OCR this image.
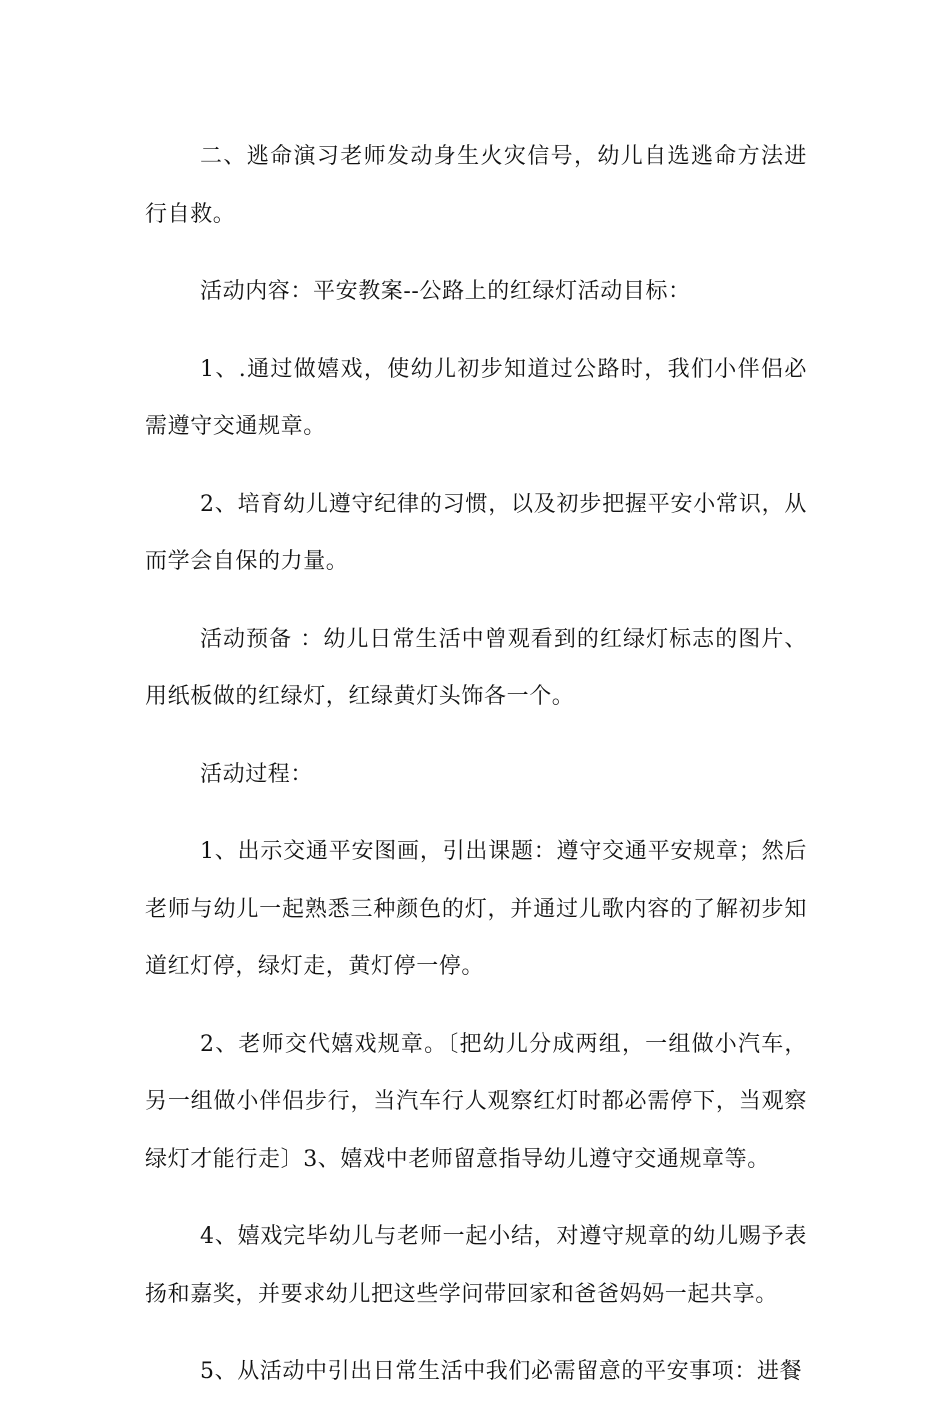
二、逃命演习老师发动身生火灾信号，幼儿自选逃命方法进行自救。

活动内容：平安教案--公路上的红绿灯活动目标：

1、.通过做嬉戏，使幼儿初步知道过公路时，我们小伴侣必需遵守交通规章。

2、培育幼儿遵守纪律的习惯，以及初步把握平安小常识，从而学会自保的力量。

活动预备 ：幼儿日常生活中曾观看到的红绿灯标志的图片、用纸板做的红绿灯，红绿黄灯头饰各一个。

活动过程：

1、出示交通平安图画，引出课题：遵守交通平安规章；然后老师与幼儿一起熟悉三种颜色的灯，并通过儿歌内容的了解初步知道红灯停，绿灯走，黄灯停一停。

2、老师交代嬉戏规章。〔把幼儿分成两组，一组做小汽车，另一组做小伴侣步行，当汽车行人观察红灯时都必需停下，当观察绿灯才能行走〕3、嬉戏中老师留意指导幼儿遵守交通规章等。

4、嬉戏完毕幼儿与老师一起小结，对遵守规章的幼儿赐予表扬和嘉奖，并要求幼儿把这些学问带回家和爸爸妈妈一起共享。

5、从活动中引出日常生活中我们必需留意的平安事项：进餐
